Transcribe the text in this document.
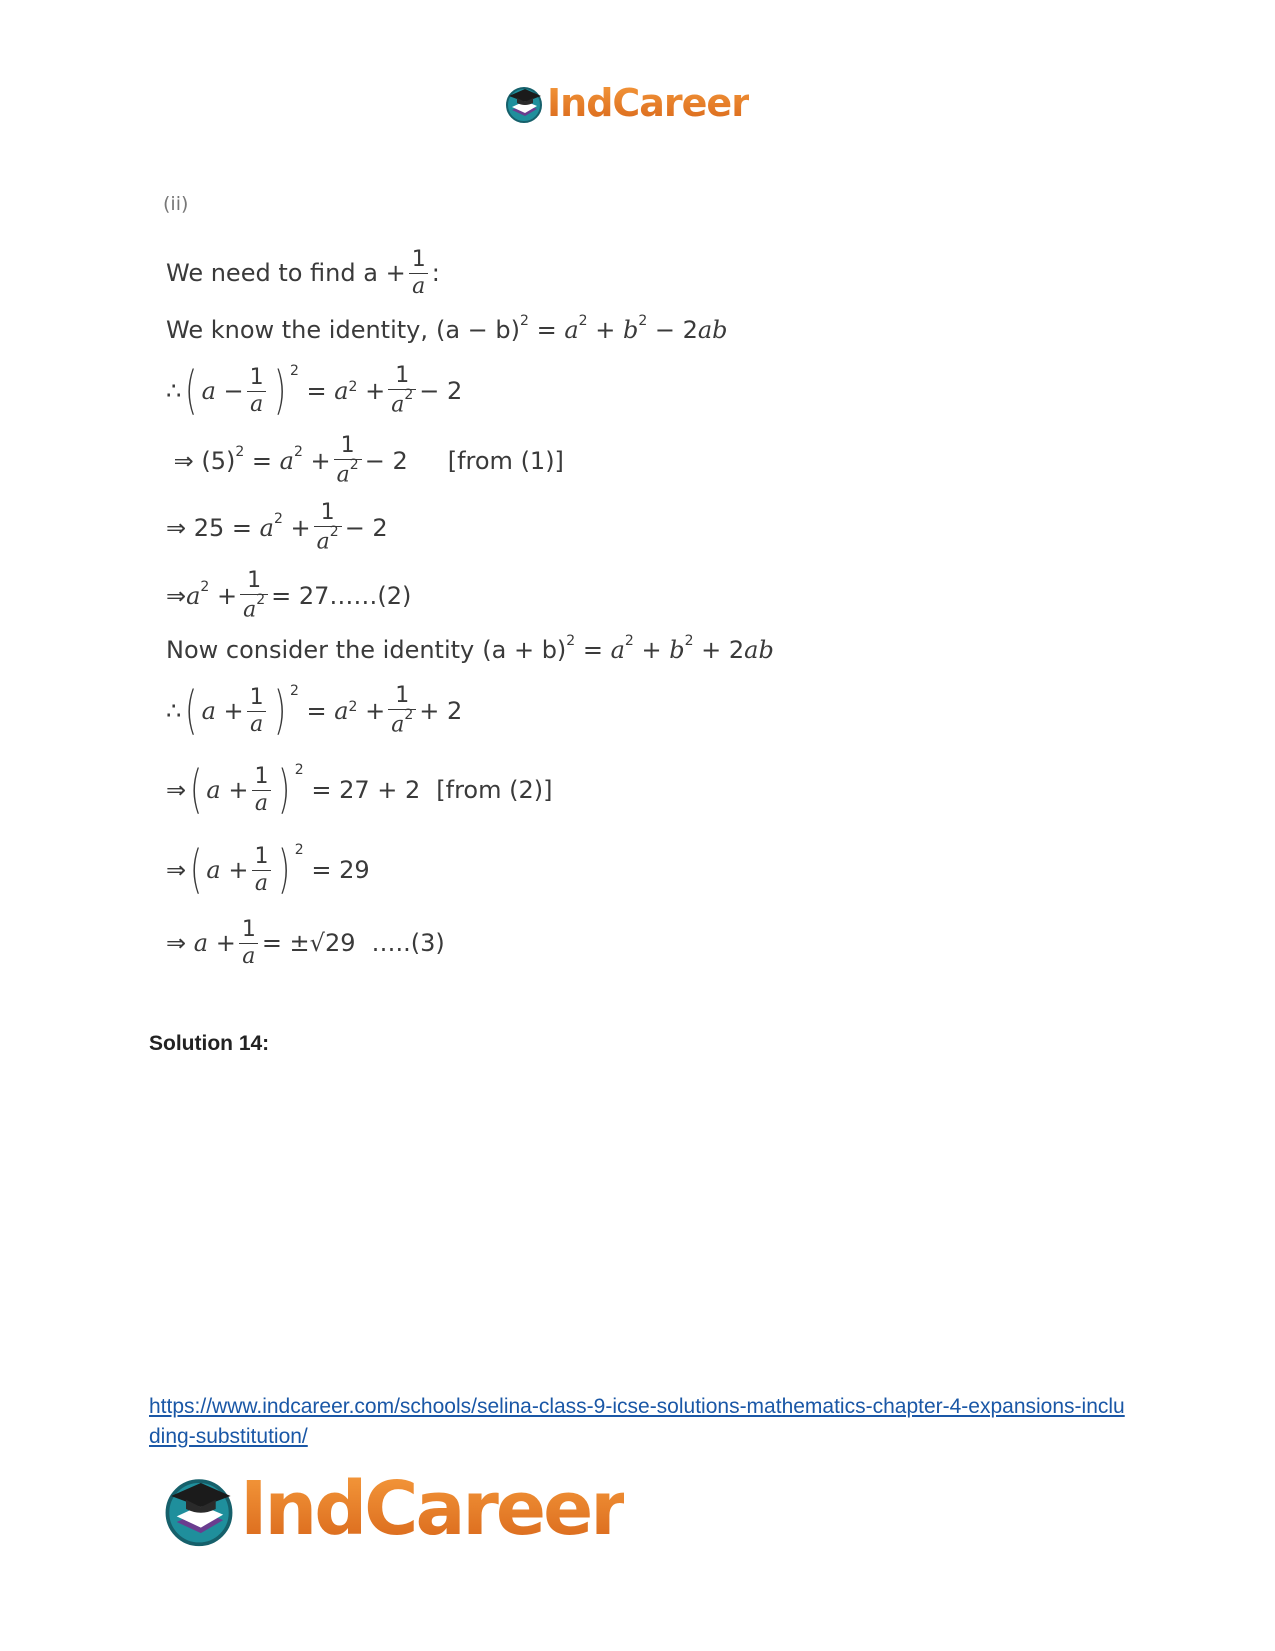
IndCareer
(ii)
We need to find $a + \frac{1}{a}$ :
We know the identity, $(a - b)^2 = a^2 + b^2 - 2ab$
∴ ( $a - \frac{1}{a}$ ) $^2$
= $a^2 + \frac{1}{a^2} - 2$
⇒ $(5)^2 = a^2 + \frac{1}{a^2} - 2$ [from (1)]
⇒ $25 = a^2 + \frac{1}{a^2} - 2$
$\Rightarrow a^2 + \frac{1}{a^2}$ = 27……(2)
Now consider the identity $(a + b)^2 = a^2 + b^2 + 2ab$
∴ ( $a + \frac{1}{a}$ ) $^2$
= $a^2 + \frac{1}{a^2} + 2$
⇒ ( $a + \frac{1}{a}$ ) $^2$

= 27 + 2 [from (2)]
⇒ ( $a + \frac{1}{a}$ ) $^2$

= 29
⇒ $a + \frac{1}{a} = \pm√29$ …..(3)
Solution 14:
https://www.indcareer.com/schools/selina-class-9-icse-solutions-mathematics-chapter-4-expansions-including-substitution/
IndCareer
